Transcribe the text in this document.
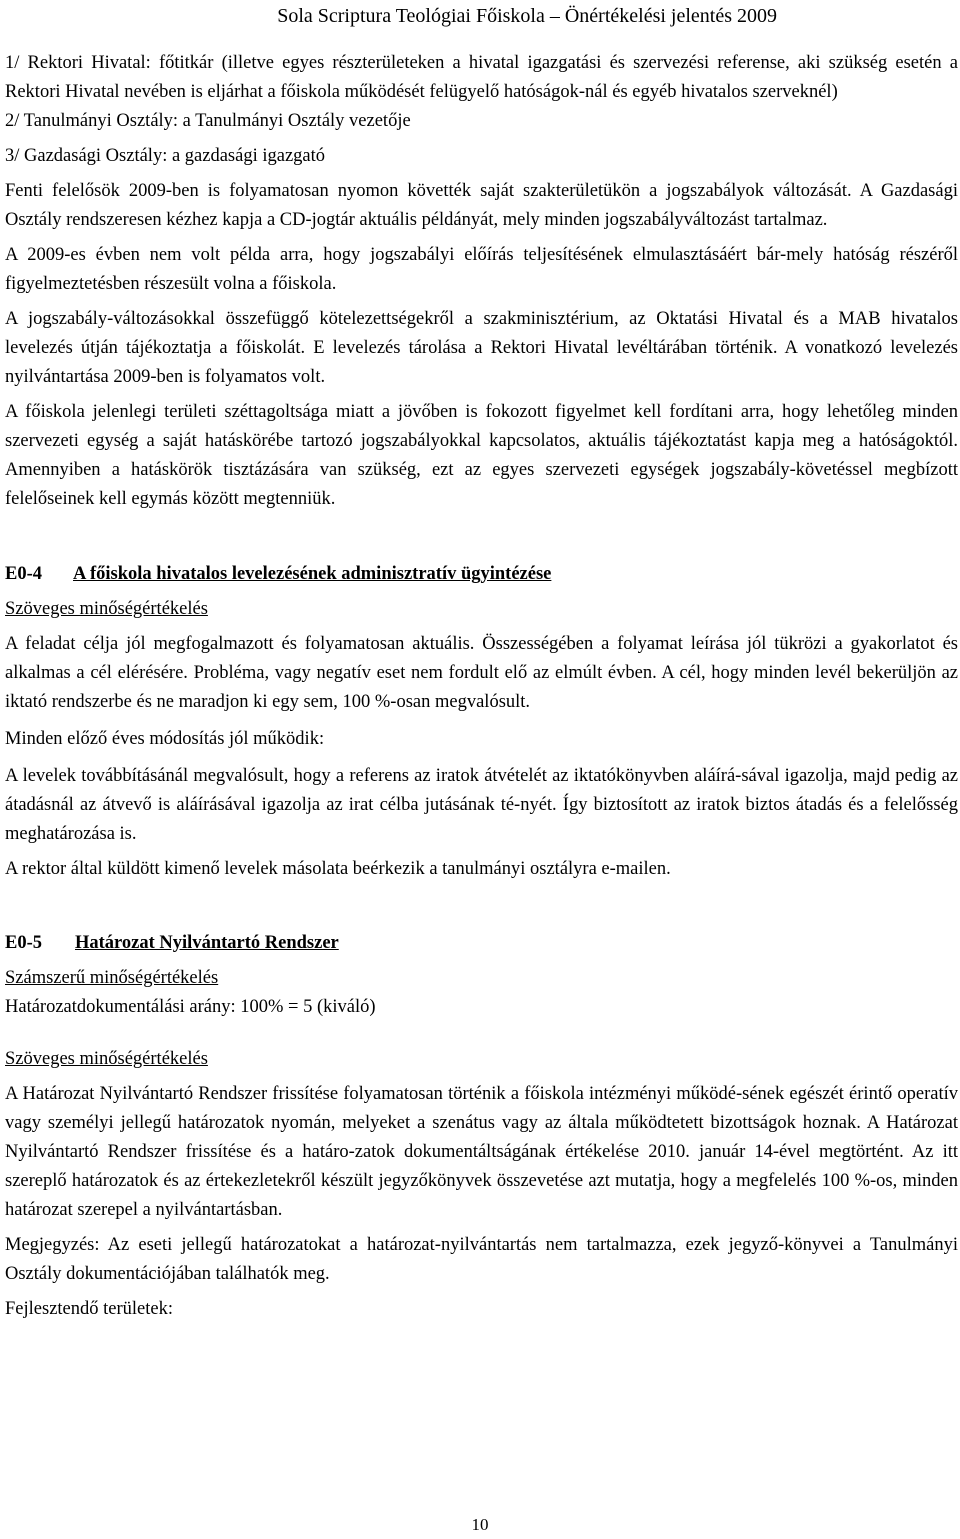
Sola Scriptura Teológiai Főiskola – Önértékelési jelentés 2009

1/ Rektori Hivatal: főtitkár (illetve egyes részterületeken a hivatal igazgatási és szervezési referense, aki szükség esetén a Rektori Hivatal nevében is eljárhat a főiskola működését felügyelő hatóságok-nál és egyéb hivatalos szerveknél)

2/ Tanulmányi Osztály: a Tanulmányi Osztály vezetője

3/ Gazdasági Osztály: a gazdasági igazgató

Fenti felelősök 2009-ben is folyamatosan nyomon követték saját szakterületükön a jogszabályok változását. A Gazdasági Osztály rendszeresen kézhez kapja a CD-jogtár aktuális példányát, mely minden jogszabályváltozást tartalmaz.

A 2009-es évben nem volt példa arra, hogy jogszabályi előírás teljesítésének elmulasztásáért bár-mely hatóság részéről figyelmeztetésben részesült volna a főiskola.

A jogszabály-változásokkal összefüggő kötelezettségekről a szakminisztérium, az Oktatási Hivatal és a MAB hivatalos levelezés útján tájékoztatja a főiskolát. E levelezés tárolása a Rektori Hivatal levéltárában történik. A vonatkozó levelezés nyilvántartása 2009-ben is folyamatos volt.

A főiskola jelenlegi területi széttagoltsága miatt a jövőben is fokozott figyelmet kell fordítani arra, hogy lehetőleg minden szervezeti egység a saját hatáskörébe tartozó jogszabályokkal kapcsolatos, aktuális tájékoztatást kapja meg a hatóságoktól. Amennyiben a hatáskörök tisztázására van szükség, ezt az egyes szervezeti egységek jogszabály-követéssel megbízott felelőseinek kell egymás között megtenniük.

E0-4 A főiskola hivatalos levelezésének adminisztratív ügyintézése

Szöveges minőségértékelés

A feladat célja jól megfogalmazott és folyamatosan aktuális. Összességében a folyamat leírása jól tükrözi a gyakorlatot és alkalmas a cél elérésére. Probléma, vagy negatív eset nem fordult elő az elmúlt évben. A cél, hogy minden levél bekerüljön az iktató rendszerbe és ne maradjon ki egy sem, 100 %-osan megvalósult.

Minden előző éves módosítás jól működik:

A levelek továbbításánál megvalósult, hogy a referens az iratok átvételét az iktatókönyvben aláírá-sával igazolja, majd pedig az átadásnál az átvevő is aláírásával igazolja az irat célba jutásának té-nyét. Így biztosított az iratok biztos átadás és a felelősség meghatározása is.

A rektor által küldött kimenő levelek másolata beérkezik a tanulmányi osztályra e-mailen.

E0-5 Határozat Nyilvántartó Rendszer

Számszerű minőségértékelés

Határozatdokumentálási arány: 100% = 5 (kiváló)

Szöveges minőségértékelés

A Határozat Nyilvántartó Rendszer frissítése folyamatosan történik a főiskola intézményi működé-sének egészét érintő operatív vagy személyi jellegű határozatok nyomán, melyeket a szenátus vagy az általa működtetett bizottságok hoznak. A Határozat Nyilvántartó Rendszer frissítése és a határo-zatok dokumentáltságának értékelése 2010. január 14-ével megtörtént. Az itt szereplő határozatok és az értekezletekről készült jegyzőkönyvek összevetése azt mutatja, hogy a megfelelés 100 %-os, minden határozat szerepel a nyilvántartásban.

Megjegyzés: Az eseti jellegű határozatokat a határozat-nyilvántartás nem tartalmazza, ezek jegyző-könyvei a Tanulmányi Osztály dokumentációjában találhatók meg.

Fejlesztendő területek:

10
